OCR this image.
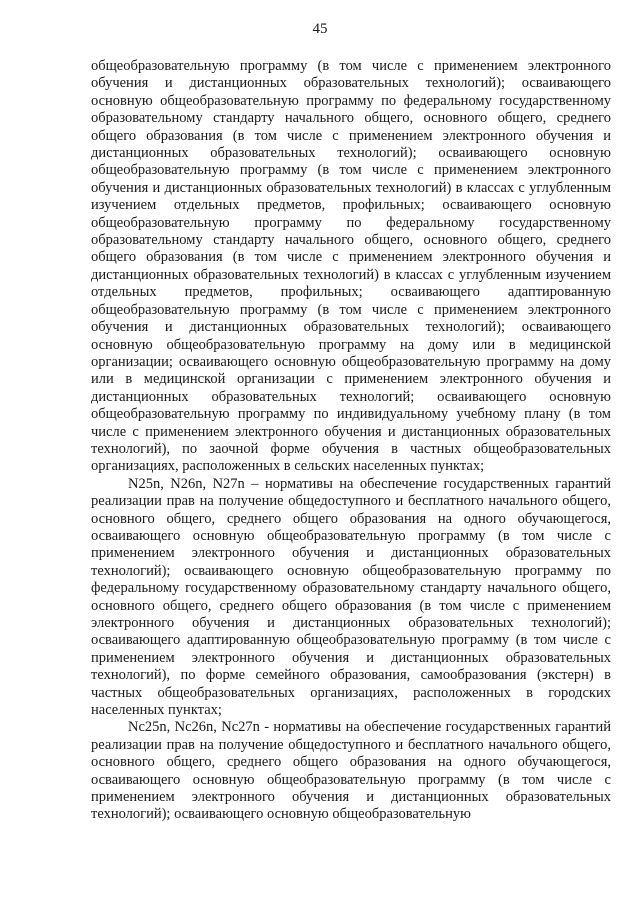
45

общеобразовательную программу (в том числе с применением электронного обучения и дистанционных образовательных технологий); осваивающего основную общеобразовательную программу по федеральному государственному образовательному стандарту начального общего, основного общего, среднего общего образования (в том числе с применением электронного обучения и дистанционных образовательных технологий); осваивающего основную общеобразовательную программу (в том числе с применением электронного обучения и дистанционных образовательных технологий) в классах с углубленным изучением отдельных предметов, профильных; осваивающего основную общеобразовательную программу по федеральному государственному образовательному стандарту начального общего, основного общего, среднего общего образования (в том числе с применением электронного обучения и дистанционных образовательных технологий) в классах с углубленным изучением отдельных предметов, профильных; осваивающего адаптированную общеобразовательную программу (в том числе с применением электронного обучения и дистанционных образовательных технологий); осваивающего основную общеобразовательную программу на дому или в медицинской организации; осваивающего основную общеобразовательную программу на дому или в медицинской организации с применением электронного обучения и дистанционных образовательных технологий; осваивающего основную общеобразовательную программу по индивидуальному учебному плану (в том числе с применением электронного обучения и дистанционных образовательных технологий), по заочной форме обучения в частных общеобразовательных организациях, расположенных в сельских населенных пунктах;

N25n, N26n, N27n – нормативы на обеспечение государственных гарантий реализации прав на получение общедоступного и бесплатного начального общего, основного общего, среднего общего образования на одного обучающегося, осваивающего основную общеобразовательную программу (в том числе с применением электронного обучения и дистанционных образовательных технологий); осваивающего основную общеобразовательную программу по федеральному государственному образовательному стандарту начального общего, основного общего, среднего общего образования (в том числе с применением электронного обучения и дистанционных образовательных технологий); осваивающего адаптированную общеобразовательную программу (в том числе с применением электронного обучения и дистанционных образовательных технологий), по форме семейного образования, самообразования (экстерн) в частных общеобразовательных организациях, расположенных в городских населенных пунктах;

Nс25n, Nс26n, Nс27n - нормативы на обеспечение государственных гарантий реализации прав на получение общедоступного и бесплатного начального общего, основного общего, среднего общего образования на одного обучающегося, осваивающего основную общеобразовательную программу (в том числе с применением электронного обучения и дистанционных образовательных технологий); осваивающего основную общеобразовательную
